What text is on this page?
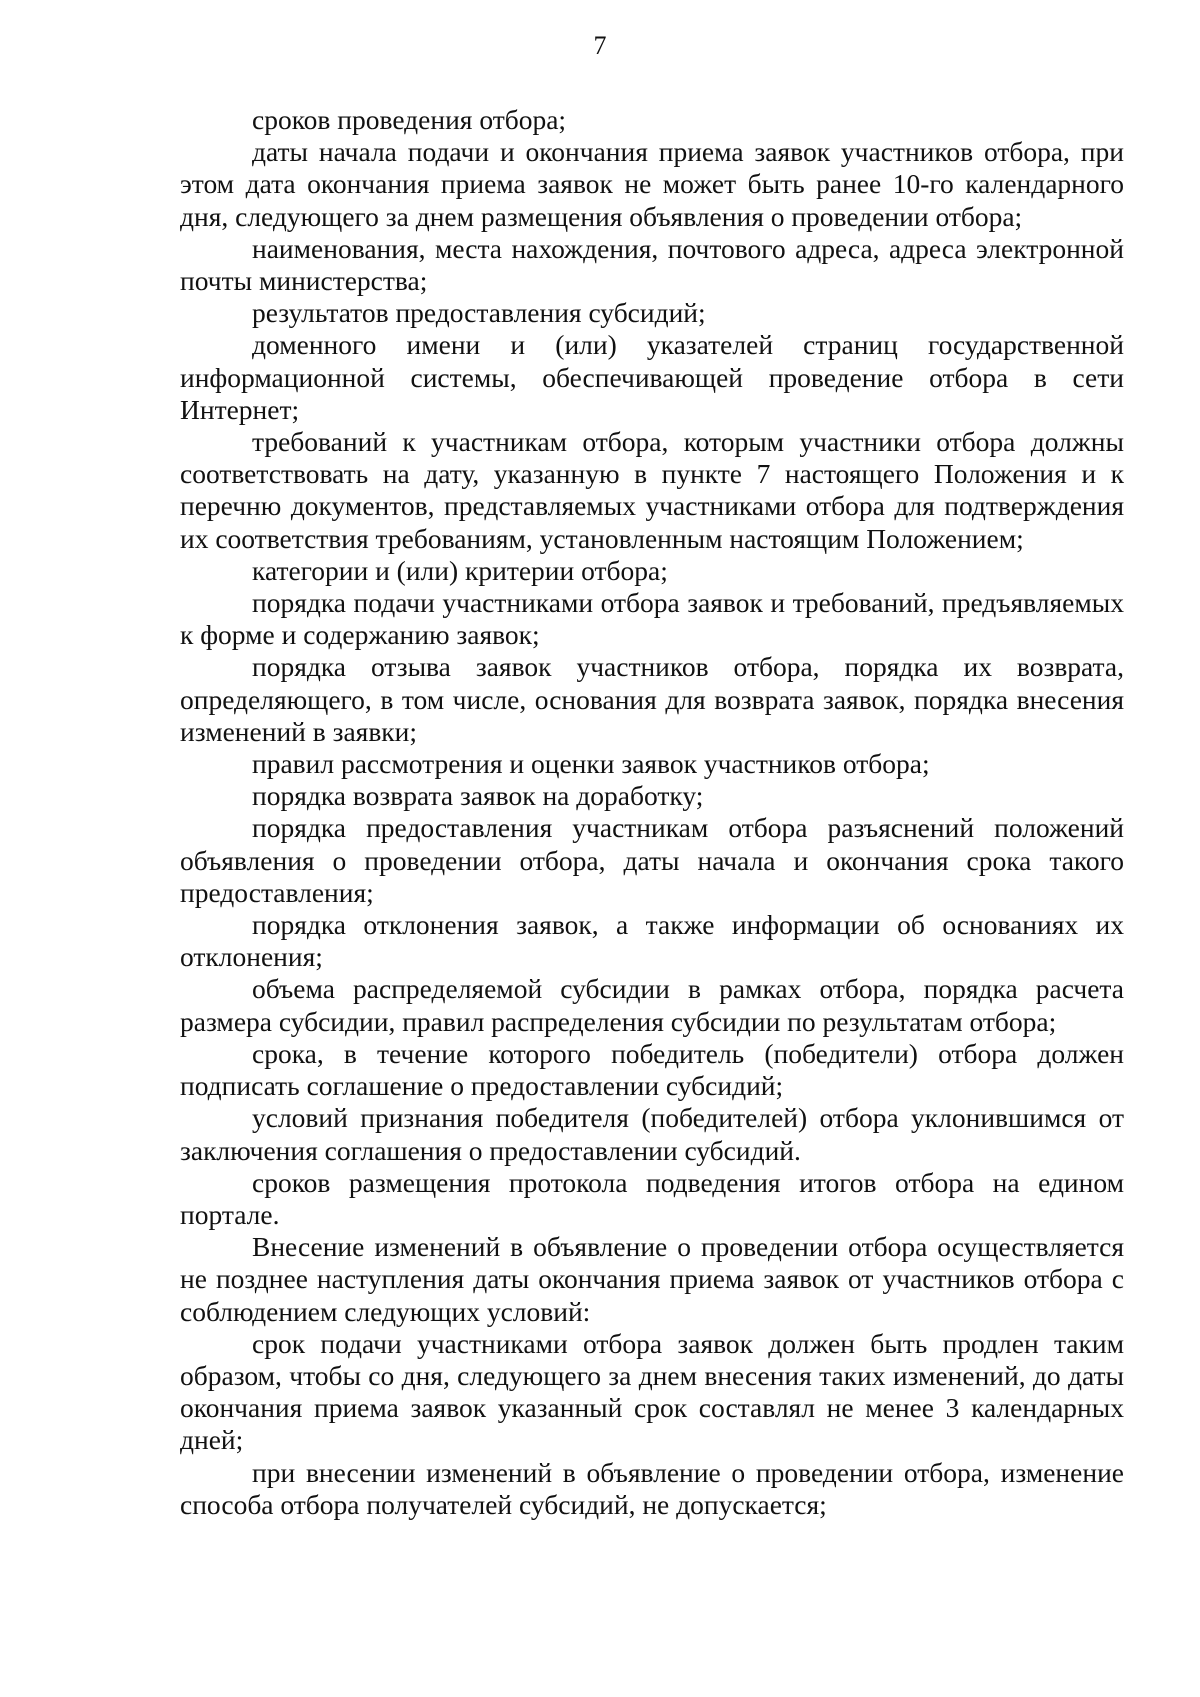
7

сроков проведения отбора;

даты начала подачи и окончания приема заявок участников отбора, при этом дата окончания приема заявок не может быть ранее 10-го календарного дня, следующего за днем размещения объявления о проведении отбора;

наименования, места нахождения, почтового адреса, адреса электронной почты министерства;

результатов предоставления субсидий;

доменного имени и (или) указателей страниц государственной информационной системы, обеспечивающей проведение отбора в сети Интернет;

требований к участникам отбора, которым участники отбора должны соответствовать на дату, указанную в пункте 7 настоящего Положения и к перечню документов, представляемых участниками отбора для подтверждения их соответствия требованиям, установленным настоящим Положением;

категории и (или) критерии отбора;

порядка подачи участниками отбора заявок и требований, предъявляемых к форме и содержанию заявок;

порядка отзыва заявок участников отбора, порядка их возврата, определяющего, в том числе, основания для возврата заявок, порядка внесения изменений в заявки;

правил рассмотрения и оценки заявок участников отбора;

порядка возврата заявок на доработку;

порядка предоставления участникам отбора разъяснений положений объявления о проведении отбора, даты начала и окончания срока такого предоставления;

порядка отклонения заявок, а также информации об основаниях их отклонения;

объема распределяемой субсидии в рамках отбора, порядка расчета размера субсидии, правил распределения субсидии по результатам отбора;

срока, в течение которого победитель (победители) отбора должен подписать соглашение о предоставлении субсидий;

условий признания победителя (победителей) отбора уклонившимся от заключения соглашения о предоставлении субсидий.

сроков размещения протокола подведения итогов отбора на едином портале.

Внесение изменений в объявление о проведении отбора осуществляется не позднее наступления даты окончания приема заявок от участников отбора с соблюдением следующих условий:

срок подачи участниками отбора заявок должен быть продлен таким образом, чтобы со дня, следующего за днем внесения таких изменений, до даты окончания приема заявок указанный срок составлял не менее 3 календарных дней;

при внесении изменений в объявление о проведении отбора, изменение способа отбора получателей субсидий, не допускается;
